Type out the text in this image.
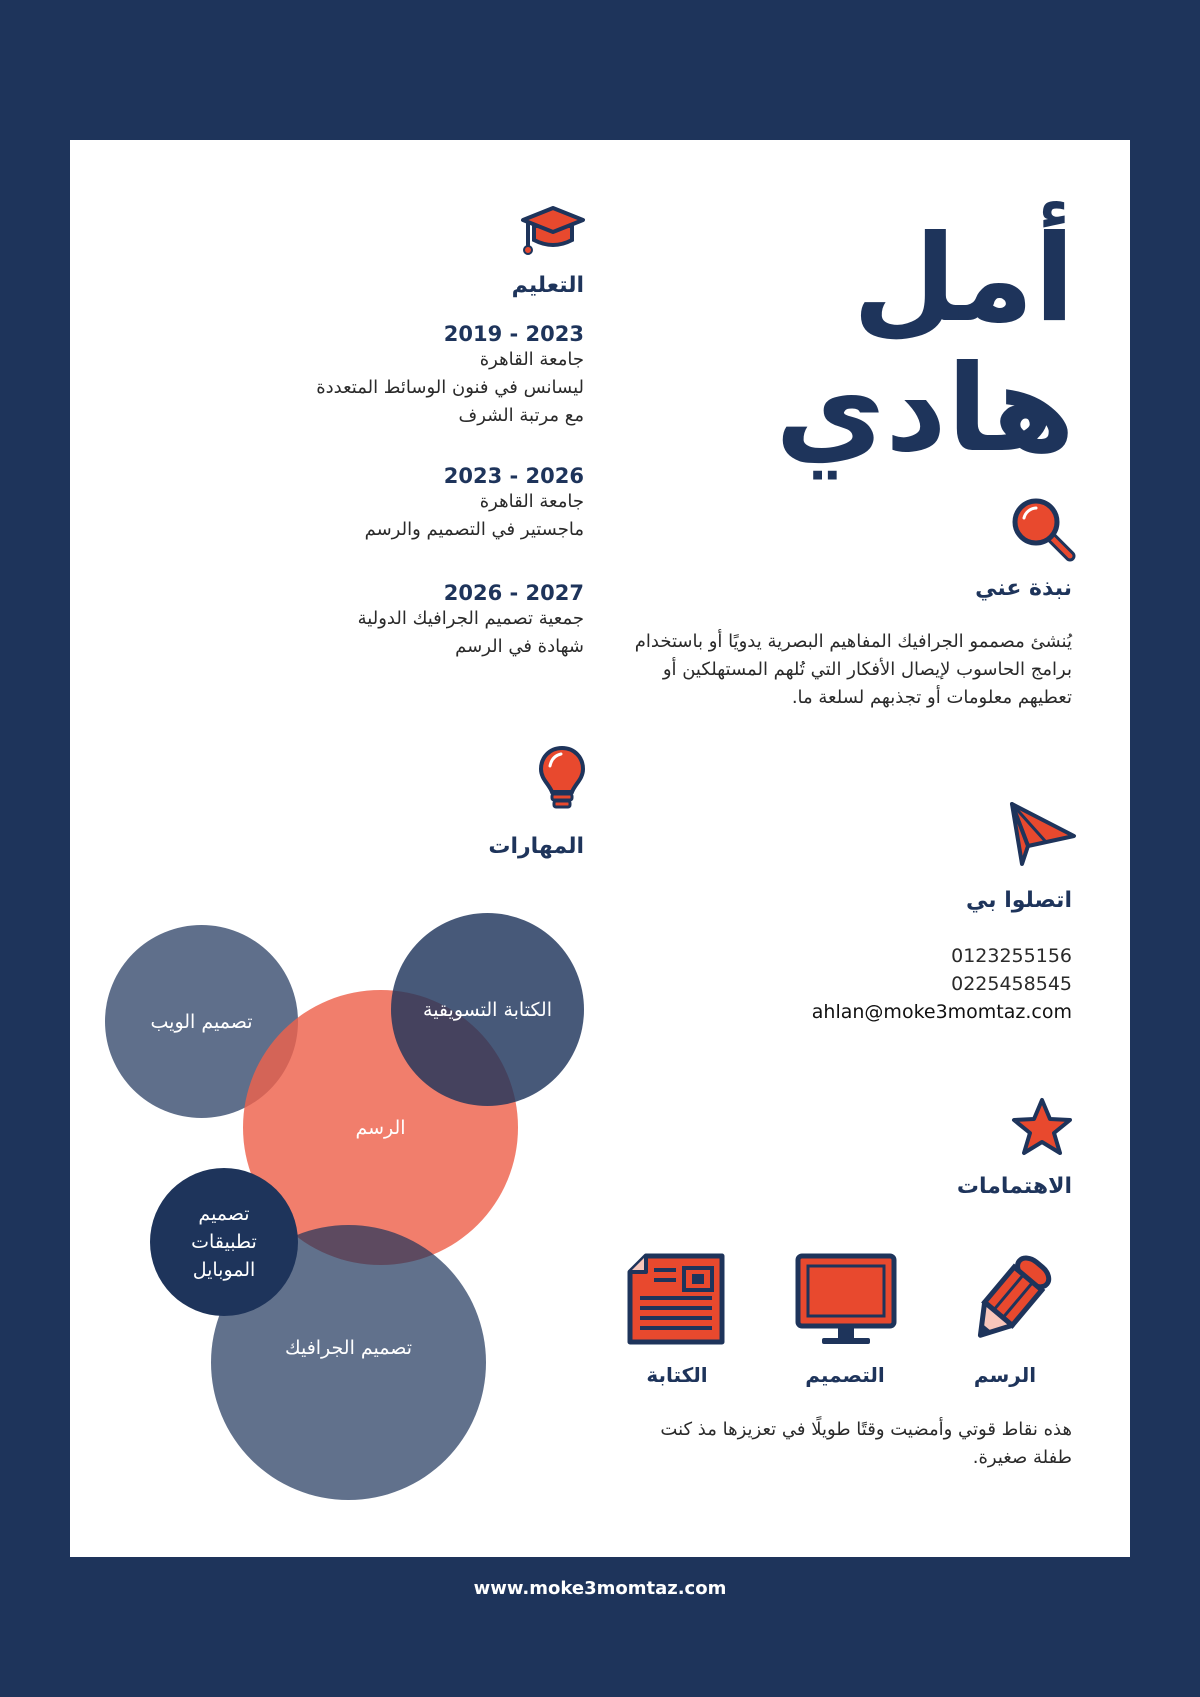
أمل
هادي
نبذة عني
يُنشئ مصممو الجرافيك المفاهيم البصرية يدويًا أو باستخدام برامج الحاسوب لإيصال الأفكار التي تُلهم المستهلكين أو تعطيهم معلومات أو تجذبهم لسلعة ما.
التعليم
2023 - 2019
جامعة القاهرة
ليسانس في فنون الوسائط المتعددة
مع مرتبة الشرف
2026 - 2023
جامعة القاهرة
ماجستير في التصميم والرسم
2027 - 2026
جمعية تصميم الجرافيك الدولية
شهادة في الرسم
المهارات
تصميم الويب
الرسم
الكتابة التسويقية
تصميم الجرافيك
تصميم تطبيقات الموبايل
اتصلوا بي
0123255156
0225458545
ahlan@moke3momtaz.com
الاهتمامات
الرسم
التصميم
الكتابة
هذه نقاط قوتي وأمضيت وقتًا طويلًا في تعزيزها مذ كنت طفلة صغيرة.
www.moke3momtaz.com
